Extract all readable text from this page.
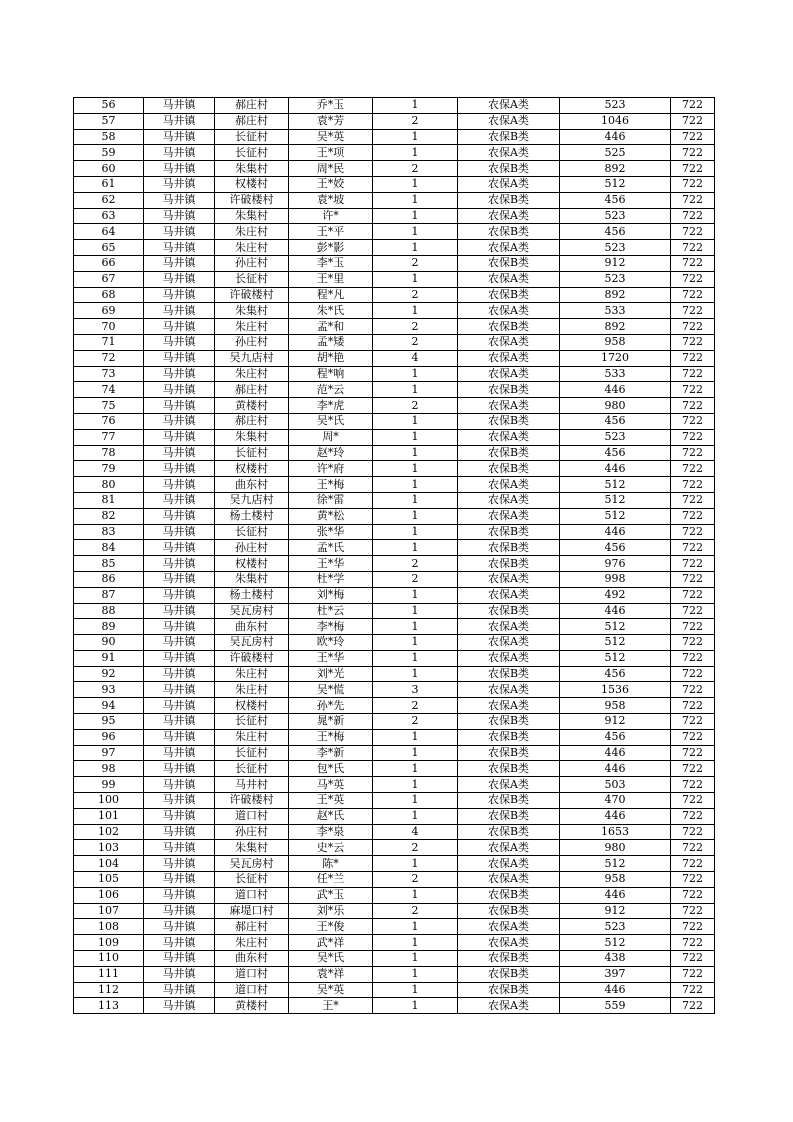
56	马井镇	郝庄村	乔*玉	1	农保A类	523	722
57	马井镇	郝庄村	袁*芳	2	农保A类	1046	722
58	马井镇	长征村	吴*英	1	农保B类	446	722
59	马井镇	长征村	王*项	1	农保A类	525	722
60	马井镇	朱集村	周*民	2	农保B类	892	722
61	马井镇	权楼村	王*姣	1	农保A类	512	722
62	马井镇	许破楼村	袁*坡	1	农保B类	456	722
63	马井镇	朱集村	许*	1	农保A类	523	722
64	马井镇	朱庄村	王*平	1	农保B类	456	722
65	马井镇	朱庄村	彭*影	1	农保A类	523	722
66	马井镇	孙庄村	李*玉	2	农保B类	912	722
67	马井镇	长征村	王*里	1	农保A类	523	722
68	马井镇	许破楼村	程*凡	2	农保B类	892	722
69	马井镇	朱集村	朱*氏	1	农保A类	533	722
70	马井镇	朱庄村	孟*和	2	农保B类	892	722
71	马井镇	孙庄村	孟*矮	2	农保A类	958	722
72	马井镇	吴九店村	胡*艳	4	农保A类	1720	722
73	马井镇	朱庄村	程*响	1	农保A类	533	722
74	马井镇	郝庄村	范*云	1	农保B类	446	722
75	马井镇	黄楼村	李*虎	2	农保A类	980	722
76	马井镇	郝庄村	吴*氏	1	农保B类	456	722
77	马井镇	朱集村	周*	1	农保A类	523	722
78	马井镇	长征村	赵*玲	1	农保B类	456	722
79	马井镇	权楼村	许*府	1	农保B类	446	722
80	马井镇	曲东村	王*梅	1	农保A类	512	722
81	马井镇	吴九店村	徐*雷	1	农保A类	512	722
82	马井镇	杨土楼村	黄*松	1	农保A类	512	722
83	马井镇	长征村	张*华	1	农保B类	446	722
84	马井镇	孙庄村	孟*氏	1	农保B类	456	722
85	马井镇	权楼村	王*华	2	农保B类	976	722
86	马井镇	朱集村	杜*学	2	农保A类	998	722
87	马井镇	杨土楼村	刘*梅	1	农保A类	492	722
88	马井镇	吴瓦房村	杜*云	1	农保B类	446	722
89	马井镇	曲东村	李*梅	1	农保A类	512	722
90	马井镇	吴瓦房村	欧*玲	1	农保A类	512	722
91	马井镇	许破楼村	王*华	1	农保A类	512	722
92	马井镇	朱庄村	刘*光	1	农保B类	456	722
93	马井镇	朱庄村	吴*慌	3	农保A类	1536	722
94	马井镇	权楼村	孙*先	2	农保A类	958	722
95	马井镇	长征村	晁*新	2	农保B类	912	722
96	马井镇	朱庄村	王*梅	1	农保B类	456	722
97	马井镇	长征村	李*新	1	农保B类	446	722
98	马井镇	长征村	包*氏	1	农保B类	446	722
99	马井镇	马井村	马*英	1	农保A类	503	722
100	马井镇	许破楼村	王*英	1	农保B类	470	722
101	马井镇	道口村	赵*氏	1	农保B类	446	722
102	马井镇	孙庄村	李*泉	4	农保B类	1653	722
103	马井镇	朱集村	史*云	2	农保A类	980	722
104	马井镇	吴瓦房村	陈*	1	农保A类	512	722
105	马井镇	长征村	任*兰	2	农保A类	958	722
106	马井镇	道口村	武*玉	1	农保B类	446	722
107	马井镇	麻堤口村	刘*乐	2	农保B类	912	722
108	马井镇	郝庄村	王*俊	1	农保A类	523	722
109	马井镇	朱庄村	武*祥	1	农保A类	512	722
110	马井镇	曲东村	吴*氏	1	农保B类	438	722
111	马井镇	道口村	袁*祥	1	农保B类	397	722
112	马井镇	道口村	吴*英	1	农保B类	446	722
113	马井镇	黄楼村	王*	1	农保A类	559	722
